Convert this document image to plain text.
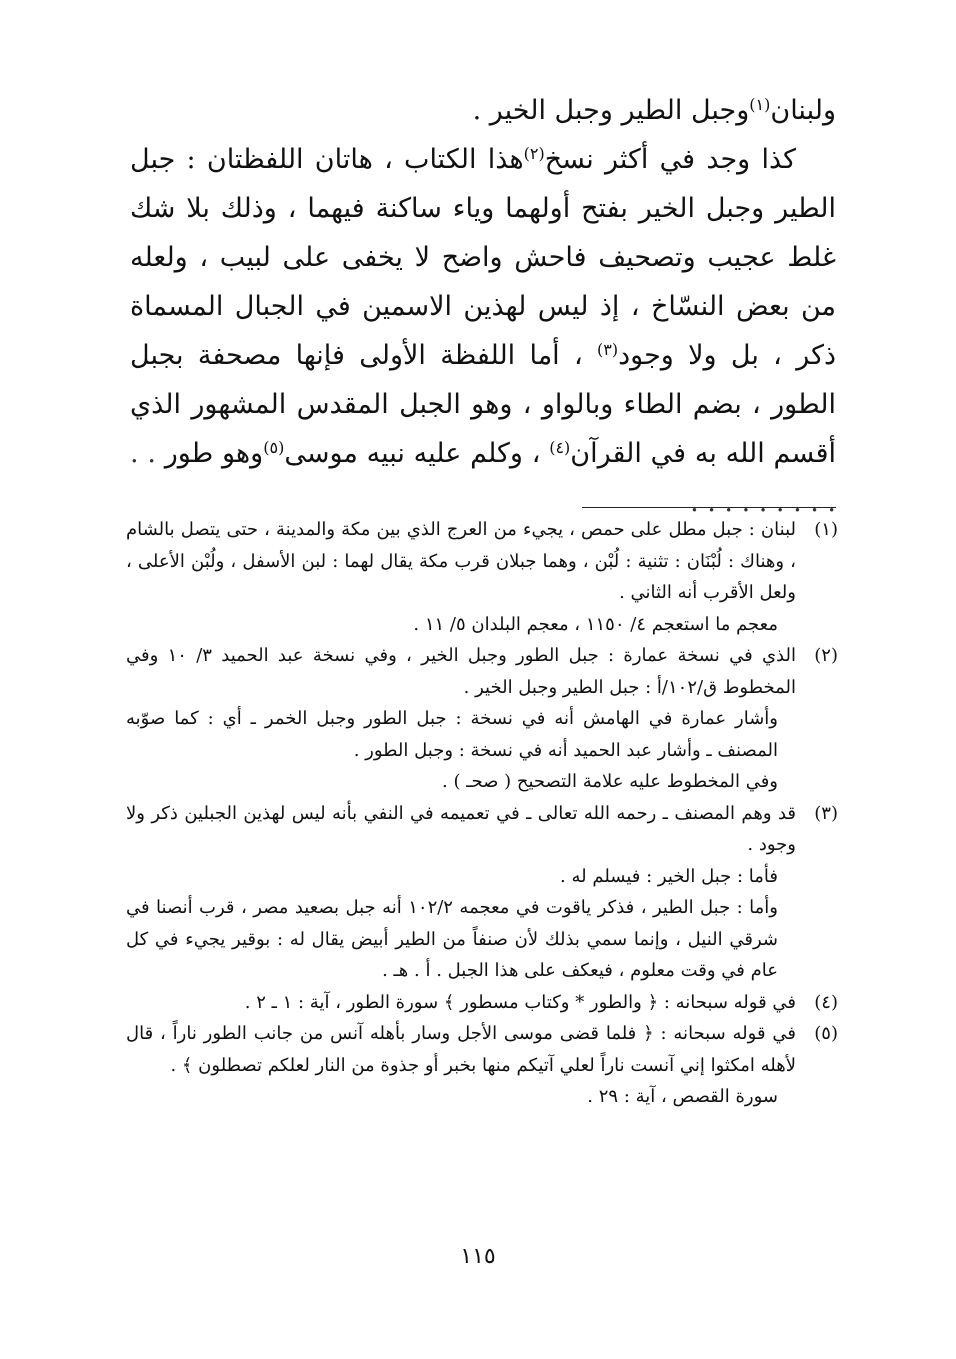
ولبنان$^{(١)}$وجبل الطير وجبل الخير .

كذا وجد في أكثر نسخ$^{(٢)}$هذا الكتاب ، هاتان اللفظتان : جبل الطير وجبل الخير بفتح أولهما وياء ساكنة فيهما ، وذلك بلا شك غلط عجيب وتصحيف فاحش واضح لا يخفى على لبيب ، ولعله من بعض النسّاخ ، إذ ليس لهذين الاسمين في الجبال المسماة ذكر ، بل ولا وجود$^{(٣)}$ ، أما اللفظة الأولى فإنها مصحفة بجبل الطور ، بضم الطاء وبالواو ، وهو الجبل المقدس المشهور الذي أقسم الله به في القرآن$^{(٤)}$ ، وكلم عليه نبيه موسى$^{(٥)}$وهو طور . . . . . . . . . . .

(١)

لبنان : جبل مطل على حمص ، يجيء من العرج الذي بين مكة والمدينة ، حتى يتصل بالشام ، وهناك : لُبْنَان : تثنية : لُبْن ، وهما جبلان قرب مكة يقال لهما : لبن الأسفل ، ولُبْن الأعلى ، ولعل الأقرب أنه الثاني .

معجم ما استعجم ٤/ ١١٥٠ ، معجم البلدان ٥/ ١١ .

(٢)

الذي في نسخة عمارة : جبل الطور وجبل الخير ، وفي نسخة عبد الحميد ٣/ ١٠ وفي المخطوط ق/١٠٢/أ : جبل الطير وجبل الخير .

وأشار عمارة في الهامش أنه في نسخة : جبل الطور وجبل الخمر ـ أي : كما صوّبه المصنف ـ وأشار عبد الحميد أنه في نسخة : وجبل الطور .

وفي المخطوط عليه علامة التصحيح ( صحـ ) .

(٣)

قد وهم المصنف ـ رحمه الله تعالى ـ في تعميمه في النفي بأنه ليس لهذين الجبلين ذكر ولا وجود .

فأما : جبل الخير : فيسلم له .

وأما : جبل الطير ، فذكر ياقوت في معجمه ١٠٢/٢ أنه جبل بصعيد مصر ، قرب أنصنا في شرقي النيل ، وإنما سمي بذلك لأن صنفاً من الطير أبيض يقال له : بوقير يجيء في كل عام في وقت معلوم ، فيعكف على هذا الجبل . أ . هـ .

(٤)

في قوله سبحانه : ﴿ والطور * وكتاب مسطور ﴾ سورة الطور ، آية : ١ ـ ٢ .

(٥)

في قوله سبحانه : ﴿ فلما قضى موسى الأجل وسار بأهله آنس من جانب الطور ناراً ، قال لأهله امكثوا إني آنست ناراً لعلي آتيكم منها بخبر أو جذوة من النار لعلكم تصطلون ﴾ .

سورة القصص ، آية : ٢٩ .

١١٥
